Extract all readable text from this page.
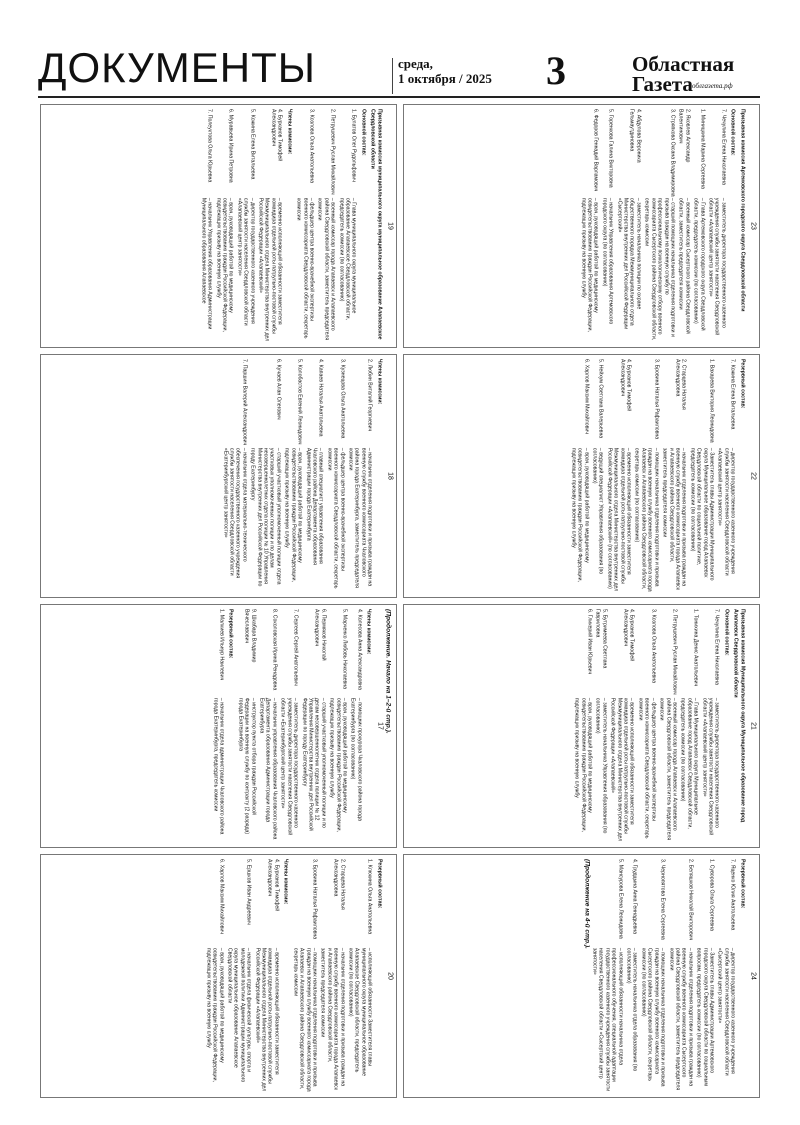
ДОКУМЕНТЫ	среда,
1 октября / 2025 3	Областная
Газета облгазета.рф
(Продолжение. Начало на 1–2-й стр.).
17
Члены комиссии:
4. Колесова Анна Александровна
– помощник прокурора Чкаловского района города Екатеринбурга (по согласованию)
5. Марченко Любовь Николаевна
– врач, руководящий работой по медицинскому освидетельствованию граждан Российской Федерации, подлежащих призыву на военную службу
6. Пермяков Николай Александрович
– старший участковый уполномоченный полиции и по делам несовершеннолетних отдела полиции № 12 Управления Министерства внутренних дел Российской Федерации по городу Екатеринбургу
7. Сергеев Сергей Анатольевич
– заместитель директора государственного казенного учреждения службы занятости населения Свердловской области «Екатеринбургский центр занятости»
8. Соколовская Ирина Ренадовна
– начальник управления образования Чкаловского района Департамента образования Администрации города Екатеринбурга
9. Шкабара Владимир Вячеславович
– инструктор пункта отбора граждан Российской Федерации на военную службу по контракту (2 разряда) города Екатеринбурга
Резервный состав:
1. Малкиев Ильнур Наилевич
– начальник отдела администрации Чкаловского района города Екатеринбурга, председатель комиссии
18
Члены комиссии:
2. Любин Виталий Георгиевич
– начальник отделения подготовки и призыва граждан на военную службу военного комиссариата Чкаловского района города Екатеринбурга, заместитель председателя комиссии
3. Кузнецова Ольга Анатольевна
– фельдшер центра военно-врачебной экспертизы военного комиссариата Свердловской области, секретарь комиссии
4. Капаев Наталья Анатольевна
– главный специалист управления образования Чкаловского района Департамента образования Администрации города Екатеринбурга
5. Колобастов Евгений Леонидович
– врач, руководящий работой по медицинскому освидетельствованию граждан Российской Федерации, подлежащих призыву на военную службу
6. Кучаев Алан Олегович
– старший участковый уполномоченный полиции отдела участковых уполномоченных полиции и по делам несовершеннолетних отдела полиции № 10 Управления Министерства внутренних дел Российской Федерации по городу Екатеринбургу
7. Паршин Валерий Александрович
– начальник отдела материально-технического обеспечения государственного казенного учреждения службы занятости населения Свердловской области «Екатеринбургский центр занятости»
19
Призывная комиссия муниципального округа муниципальное образование Алапаевское Свердловской области
Основной состав:
1. Булатов Олег Рудольфович
– Глава муниципального округа муниципальное образование Алапаевское Свердловской области, председатель комиссии (по согласованию)
2. Петрушевич Руслан Михайлович
– военный комиссар города Алапаевск и Алапаевского района Свердловской области, заместитель председателя комиссии
3. Козлова Ольга Анатольевна
– фельдшер центра военно-врачебной экспертизы военного комиссариата Свердловской области, секретарь комиссии
Члены комиссии:
4. Бурханов Тимофей Александрович
– временно исполняющий обязанности заместителя командира отдельной роты патрульно-постовой службы Межмуниципального отдела Министерства внутренних дел Российской Федерации «Алапаевский»
5. Кожина Елена Витальевна
– директор государственного казенного учреждения службы занятости населения Свердловской области «Алапаевский центр занятости»
6. Муравьева Ирина Петровна
– врач, руководящий работой по медицинскому освидетельствованию граждан Российской Федерации, подлежащих призыву на военную службу
7. Полеуктова Ольга Юрьевна
– начальник Управления образования Администрации Муниципального образования Алапаевское
20
Резервный состав:
1. Клюкина Ольга Анатольевна
– исполняющий обязанности Заместителя главы муниципального округа муниципальное образование Алапаевское Свердловской области, председатель комиссии (по согласованию)
2. Старцева Наталья Александровна
– начальник отделения подготовки и призыва граждан на военную службу военного комиссариата города Алапаевск и Алапаевского района Свердловской области, заместитель председателя комиссии
3. Бровина Наталья Рафаиловна
– помощник начальника отделения подготовки и призыва граждан на военную службу военного комиссариата города Алапаевск и Алапаевского района Свердловской области, секретарь комиссии
Члены комиссии:
4. Бурханов Тимофей Александрович
– временно исполняющий обязанности заместителя командира отдельной роты патрульно-постовой службы Межмуниципального отдела Министерства внутренних дел Российской Федерации «Алапаевский»
5. Ершков Иван Андреевич
– начальник отдела физической культуры, спорта и молодежной политики Администрации муниципального округа муниципальное образование Алапаевское Свердловской области
6. Харлов Максим Михайлович
– врач, руководящий работой по медицинскому освидетельствованию граждан Российской Федерации, подлежащих призыву на военную службу
21
Призывная комиссия Муниципального округа Муниципальное образование город Алапаевск Свердловской области
Основной состав:
7. Чечулина Елена Николаевна
– заместитель директора государственного казенного учреждения службы занятости населения Свердловской области «Алапаевский центр занятости»
1. Тонихина Денис Анатольевич
– Глава Муниципального округа Муниципальное образование город Алапаевск Свердловской области, председатель комиссии (по согласованию)
2. Петрушевич Руслан Михайлович
– военный комиссар города Алапаевск и Алапаевского района Свердловской области, заместитель председателя комиссии
3. Козлова Ольга Анатольевна
– фельдшер центра военно-врачебной экспертизы военного комиссариата Свердловской области, секретарь комиссии
4. Бурханов Тимофей Александрович
– временно исполняющий обязанности заместителя командира отдельной роты патрульно-постовой службы Межмуниципального отдела Министерства внутренних дел Российской Федерации «Алапаевский»
5. Бутримеева Светлана Гавриловна
– заместитель начальника Управления образования (по согласованию)
6. Гликерий Иван Юрьевич
– врач, руководящий работой по медицинскому освидетельствованию граждан Российской Федерации, подлежащих призыву на военную службу
22
Резервный состав:
7. Кожина Елена Витальевна
– директор государственного казенного учреждения службы занятости населения Свердловской области «Алапаевский центр занятости»
1. Вахарева Виктория Леонидовна
– Заместитель главы Администрации Муниципального округа Муниципальное образование город Алапаевск Свердловской области по социальной политике, председатель комиссии (по согласованию)
2. Старцева Наталья Александровна
– начальник отделения подготовки и призыва граждан на военную службу военного комиссариата города Алапаевск и Алапаевского района Свердловской области, заместитель председателя комиссии
3. Бровина Наталья Рафаиловна
– помощник начальника отделения подготовки и призыва граждан на военную службу военного комиссариата города Алапаевск и Алапаевского района Свердловской области, секретарь комиссии (по согласованию)
4. Бурханов Тимофей Александрович
– временно исполняющий обязанности заместителя командира отдельной роты патрульно-постовой службы Межмуниципального отдела Министерства внутренних дел Российской Федерации «Алапаевский» (по согласованию)
5. Нейхум Светлана Валерьевна
– ведущий специалист Управления образования (по согласованию)
6. Харлов Максим Михайлович
– врач, руководящий работой по медицинскому освидетельствованию граждан Российской Федерации, подлежащих призыву на военную службу
23
Призывная комиссия Артемовского городского округа Свердловской области
Основной состав:
7. Чечулина Елена Николаевна
– заместитель директора государственного казенного учреждения службы занятости населения Свердловской области «Алапаевский центр занятости»
1. Миницкина Марина Сергеевна
– Глава Артемовского городского округа Свердловской области, председатель комиссии (по согласованию)
2. Яковлев Александр Валентинович
– военный комиссар Сысертского района Свердловской области, заместитель председателя комиссии
3. Стряпкова Оксана Владимировна
– старший помощник начальника отделения подготовки и призыва граждан на военную службу по профессиональному психологическому отбору военного комиссариата Сысертского района Свердловской области, секретарь комиссии
4. Абдулова Вероника Гельмаутдиновна
– заместитель начальника полиции по охране общественного порядка Межмуниципального отдела Министерства внутренних дел Российской Федерации «Сысертский»
5. Горенкова Галина Викторовна
– начальник Управления образования Артемовского городского округа (по согласованию)
6. Федоров Геннадий Варламович
– врач, руководящий работой по медицинскому освидетельствованию граждан Российской Федерации, подлежащих призыву на военную службу
24
Резервный состав:
7. Яценко Юлия Анатольевна
– директор государственного казенного учреждения службы занятости населения Свердловской области «Сысертский центр занятости»
1. Суворова Ольга Сергеевна
– Заместитель главы Администрации Артемовского городского округа Свердловской области по социальным вопросам, председатель комиссии (по согласованию)
2. Беляшков Николай Викторович
– начальник отделения подготовки и призыва граждан на военную службу военного комиссариата Сысертского района Свердловской области, заместитель председателя комиссии
3. Чернопятова Елена Сергеевна
– помощник начальника отделения подготовки и призыва граждан на военную службу военного комиссариата Сысертского района Свердловской области, секретарь комиссии (по согласованию)
4. Грудцына Анна Геннадьевна
– заместитель начальника отдела образования (по согласованию)
5. Мансурова Елена Леонидовна
– исполняющий обязанности начальника отдела профессионального обучения, специальной адаптации государственного казенного учреждения службы занятости населения Свердловской области «Сысертский центр занятости»
(Продолжение на 4-й стр.).
